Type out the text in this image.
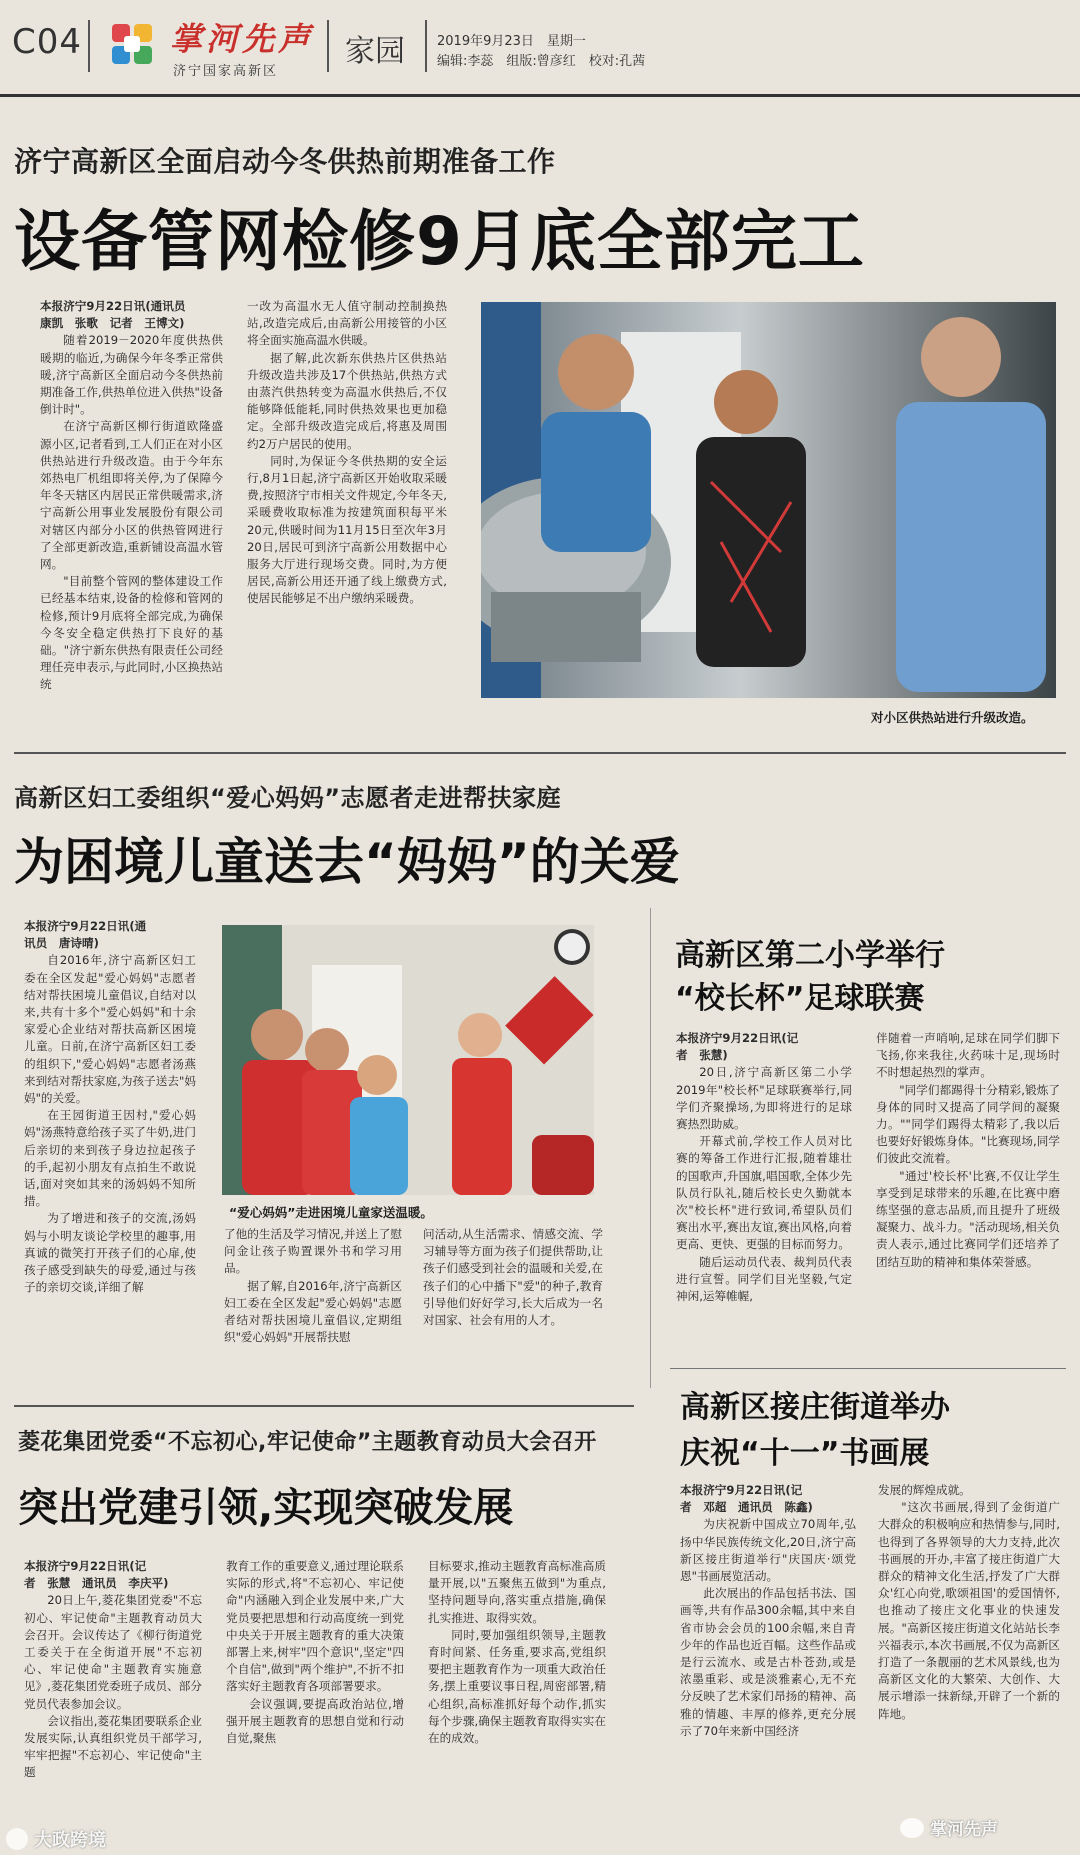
C04	掌河先声
济宁国家高新区
家园 2019年9月23日　星期一
编辑:李蕊　组版:曾彦红　校对:孔茜
济宁高新区全面启动今冬供热前期准备工作
设备管网检修9月底全部完工
本报济宁9月22日讯(通讯员
康凯　张歌　记者　王博文)

随着2019－2020年度供热供暖期的临近,为确保今年冬季正常供暖,济宁高新区全面启动今冬供热前期准备工作,供热单位进入供热"设备倒计时"。

在济宁高新区柳行街道欧隆盛源小区,记者看到,工人们正在对小区供热站进行升级改造。由于今年东郊热电厂机组即将关停,为了保障今年冬天辖区内居民正常供暖需求,济宁高新公用事业发展股份有限公司对辖区内部分小区的供热管网进行了全部更新改造,重新铺设高温水管网。

"目前整个管网的整体建设工作已经基本结束,设备的检修和管网的检修,预计9月底将全部完成,为确保今冬安全稳定供热打下良好的基础。"济宁新东供热有限责任公司经理任亮申表示,与此同时,小区换热站统

一改为高温水无人值守制动控制换热站,改造完成后,由高新公用接管的小区将全面实施高温水供暖。

据了解,此次新东供热片区供热站升级改造共涉及17个供热站,供热方式由蒸汽供热转变为高温水供热后,不仅能够降低能耗,同时供热效果也更加稳定。全部升级改造完成后,将惠及周围约2万户居民的使用。

同时,为保证今冬供热期的安全运行,8月1日起,济宁高新区开始收取采暖费,按照济宁市相关文件规定,今年冬天,采暖费收取标准为按建筑面积每平米20元,供暖时间为11月15日至次年3月20日,居民可到济宁高新公用数据中心服务大厅进行现场交费。同时,为方便居民,高新公用还开通了线上缴费方式,使居民能够足不出户缴纳采暖费。

对小区供热站进行升级改造。
高新区妇工委组织“爱心妈妈”志愿者走进帮扶家庭
为困境儿童送去“妈妈”的关爱
本报济宁9月22日讯(通
讯员　唐诗晴)

自2016年,济宁高新区妇工委在全区发起"爱心妈妈"志愿者结对帮扶困境儿童倡议,自结对以来,共有十多个"爱心妈妈"和十余家爱心企业结对帮扶高新区困境儿童。日前,在济宁高新区妇工委的组织下,"爱心妈妈"志愿者汤燕来到结对帮扶家庭,为孩子送去"妈妈"的关爱。

在王园街道王因村,"爱心妈妈"汤燕特意给孩子买了牛奶,进门后亲切的来到孩子身边拉起孩子的手,起初小朋友有点拍生不敢说话,面对突如其来的汤妈妈不知所措。

为了增进和孩子的交流,汤妈妈与小明友谈论学校里的趣事,用真诚的微笑打开孩子们的心扉,使孩子感受到缺失的母爱,通过与孩子的亲切交谈,详细了解

“爱心妈妈”走进困境儿童家送温暖。

了他的生活及学习情况,并送上了慰问金让孩子购置课外书和学习用品。

据了解,自2016年,济宁高新区妇工委在全区发起"爱心妈妈"志愿者结对帮扶困境儿童倡议,定期组织"爱心妈妈"开展帮扶慰

问活动,从生活需求、情感交流、学习辅导等方面为孩子们提供帮助,让孩子们感受到社会的温暖和关爱,在孩子们的心中播下"爱"的种子,教育引导他们好好学习,长大后成为一名对国家、社会有用的人才。

高新区第二小学举行
“校长杯”足球联赛
本报济宁9月22日讯(记
者　张慧)

20日,济宁高新区第二小学2019年"校长杯"足球联赛举行,同学们齐聚操场,为即将进行的足球赛热烈助威。

开幕式前,学校工作人员对比赛的筹备工作进行汇报,随着雄壮的国歌声,升国旗,唱国歌,全体少先队员行队礼,随后校长史久勤就本次"校长杯"进行致词,希望队员们赛出水平,赛出友谊,赛出风格,向着更高、更快、更强的目标而努力。

随后运动员代表、裁判员代表进行宣誓。同学们目光坚毅,气定神闲,运筹帷幄,

伴随着一声哨响,足球在同学们脚下飞扬,你来我往,火药味十足,现场时不时想起热烈的掌声。

"同学们都踢得十分精彩,锻炼了身体的同时又提高了同学间的凝聚力。""同学们踢得太精彩了,我以后也要好好锻炼身体。"比赛现场,同学们彼此交流着。

"通过'校长杯'比赛,不仅让学生享受到足球带来的乐趣,在比赛中磨练坚强的意志品质,而且提升了班级凝聚力、战斗力。"活动现场,相关负责人表示,通过比赛同学们还培养了团结互助的精神和集体荣誉感。

菱花集团党委“不忘初心,牢记使命”主题教育动员大会召开
突出党建引领,实现突破发展
本报济宁9月22日讯(记
者　张慧　通讯员　李庆平)

20日上午,菱花集团党委"不忘初心、牢记使命"主题教育动员大会召开。会议传达了《柳行街道党工委关于在全街道开展"不忘初心、牢记使命"主题教育实施意见》,菱花集团党委班子成员、部分党员代表参加会议。

会议指出,菱花集团要联系企业发展实际,认真组织党员干部学习,牢牢把握"不忘初心、牢记使命"主题

教育工作的重要意义,通过理论联系实际的形式,将"不忘初心、牢记使命"内涵融入到企业发展中来,广大党员要把思想和行动高度统一到党中央关于开展主题教育的重大决策部署上来,树牢"四个意识",坚定"四个自信",做到"两个维护",不折不扣落实好主题教育各项部署要求。

会议强调,要提高政治站位,增强开展主题教育的思想自觉和行动自觉,聚焦

目标要求,推动主题教育高标准高质量开展,以"五聚焦五做到"为重点,坚持问题导向,落实重点措施,确保扎实推进、取得实效。

同时,要加强组织领导,主题教育时间紧、任务重,要求高,党组织要把主题教育作为一项重大政治任务,摆上重要议事日程,周密部署,精心组织,高标准抓好每个动作,抓实每个步骤,确保主题教育取得实实在在的成效。

高新区接庄街道举办
庆祝“十一”书画展
本报济宁9月22日讯(记
者　邓超　通讯员　陈鑫)

为庆祝新中国成立70周年,弘扬中华民族传统文化,20日,济宁高新区接庄街道举行"庆国庆·颂党恩"书画展览活动。

此次展出的作品包括书法、国画等,共有作品300余幅,其中来自省市协会会员的100余幅,来自青少年的作品也近百幅。这些作品或是行云流水、或是古朴苍劲,或是浓墨重彩、或是淡雅素心,无不充分反映了艺术家们昂扬的精神、高雅的情趣、丰厚的修养,更充分展示了70年来新中国经济

发展的辉煌成就。

"这次书画展,得到了金街道广大群众的积极响应和热情参与,同时,也得到了各界领导的大力支持,此次书画展的开办,丰富了接庄街道广大群众的精神文化生活,抒发了广大群众'红心向党,歌颂祖国'的爱国情怀,也推动了接庄文化事业的快速发展。"高新区接庄街道文化站站长李兴福表示,本次书画展,不仅为高新区打造了一条靓丽的艺术风景线,也为高新区文化的大繁荣、大创作、大展示增添一抹新绿,开辟了一个新的阵地。

大政跨境	掌河先声
